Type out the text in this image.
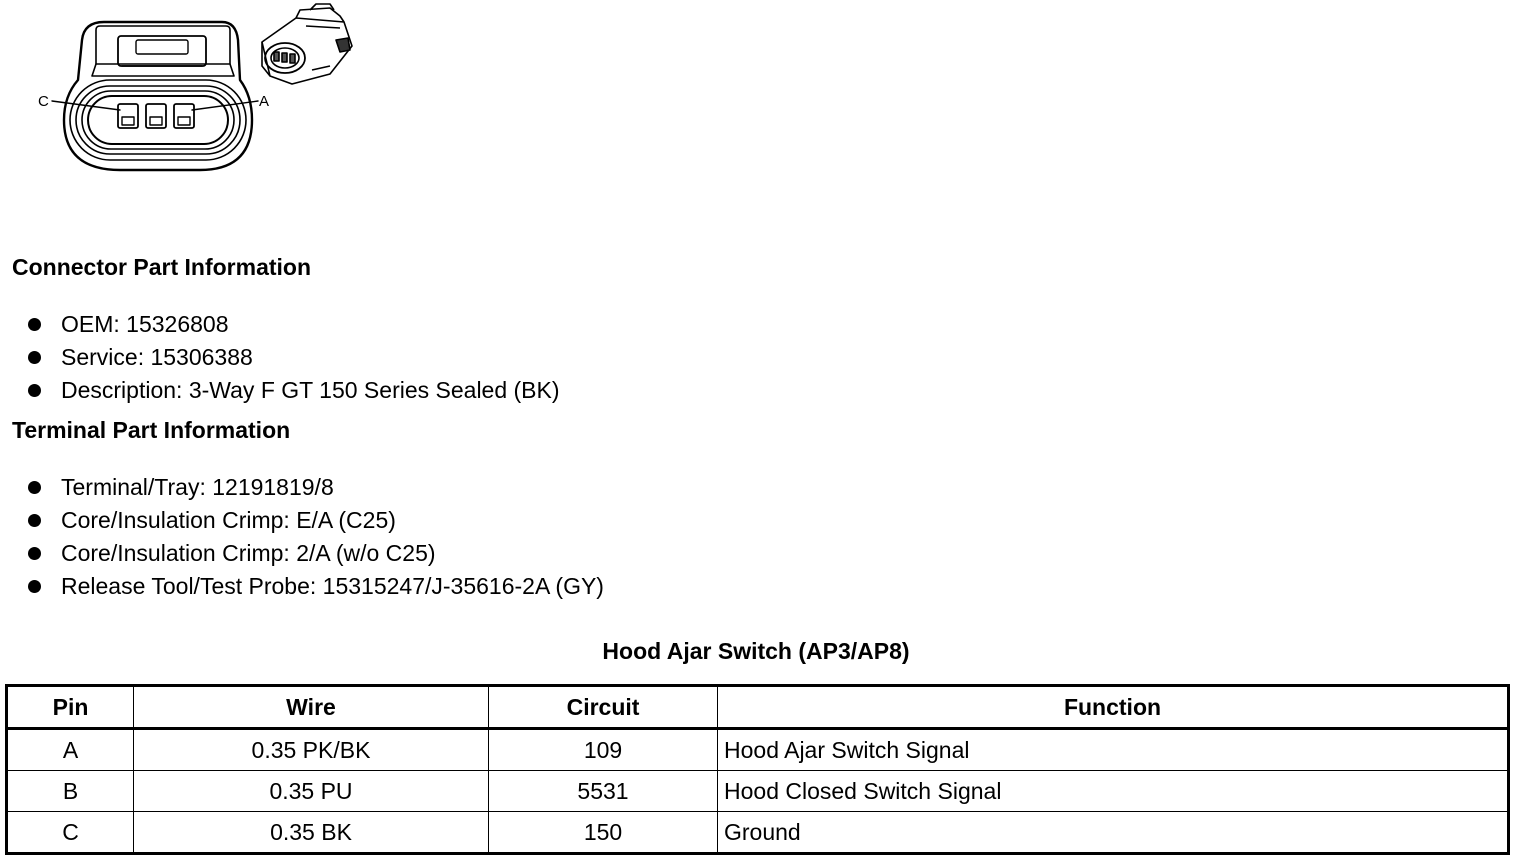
C	A
Connector Part Information
OEM: 15326808
Service: 15306388
Description: 3-Way F GT 150 Series Sealed (BK)
Terminal Part Information
Terminal/Tray: 12191819/8
Core/Insulation Crimp: E/A (C25)
Core/Insulation Crimp: 2/A (w/o C25)
Release Tool/Test Probe: 15315247/J-35616-2A (GY)
Hood Ajar Switch (AP3/AP8)
Pin	Wire	Circuit	Function
A	0.35 PK/BK	109	Hood Ajar Switch Signal
B	0.35 PU	5531	Hood Closed Switch Signal
C	0.35 BK	150	Ground
